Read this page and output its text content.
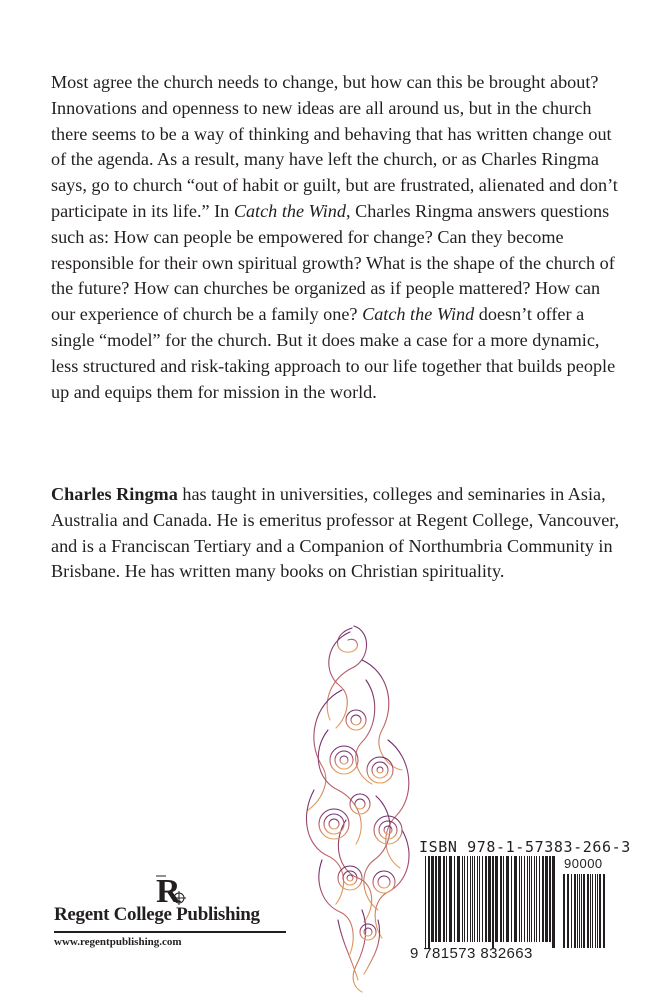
Most agree the church needs to change, but how can this be brought about? Innovations and openness to new ideas are all around us, but in the church there seems to be a way of thinking and behaving that has written change out of the agenda. As a result, many have left the church, or as Charles Ringma says, go to church “out of habit or guilt, but are frustrated, alienated and don’t participate in its life.” In Catch the Wind, Charles Ringma answers questions such as: How can people be empowered for change? Can they become responsible for their own spiritual growth? What is the shape of the church of the future? How can churches be organized as if people mattered? How can our experience of church be a family one? Catch the Wind doesn’t offer a single “model” for the church. But it does make a case for a more dynamic, less structured and risk-taking approach to our life together that builds people up and equips them for mission in the world.

Charles Ringma has taught in universities, colleges and seminaries in Asia, Australia and Canada. He is emeritus professor at Regent College, Vancouver, and is a Franciscan Tertiary and a Companion of Northumbria Community in Brisbane. He has written many books on Christian spirituality.

R
Regent College Publishing
www.regentpublishing.com
ISBN 978-1-57383-266-3
90000
9 781573 832663
